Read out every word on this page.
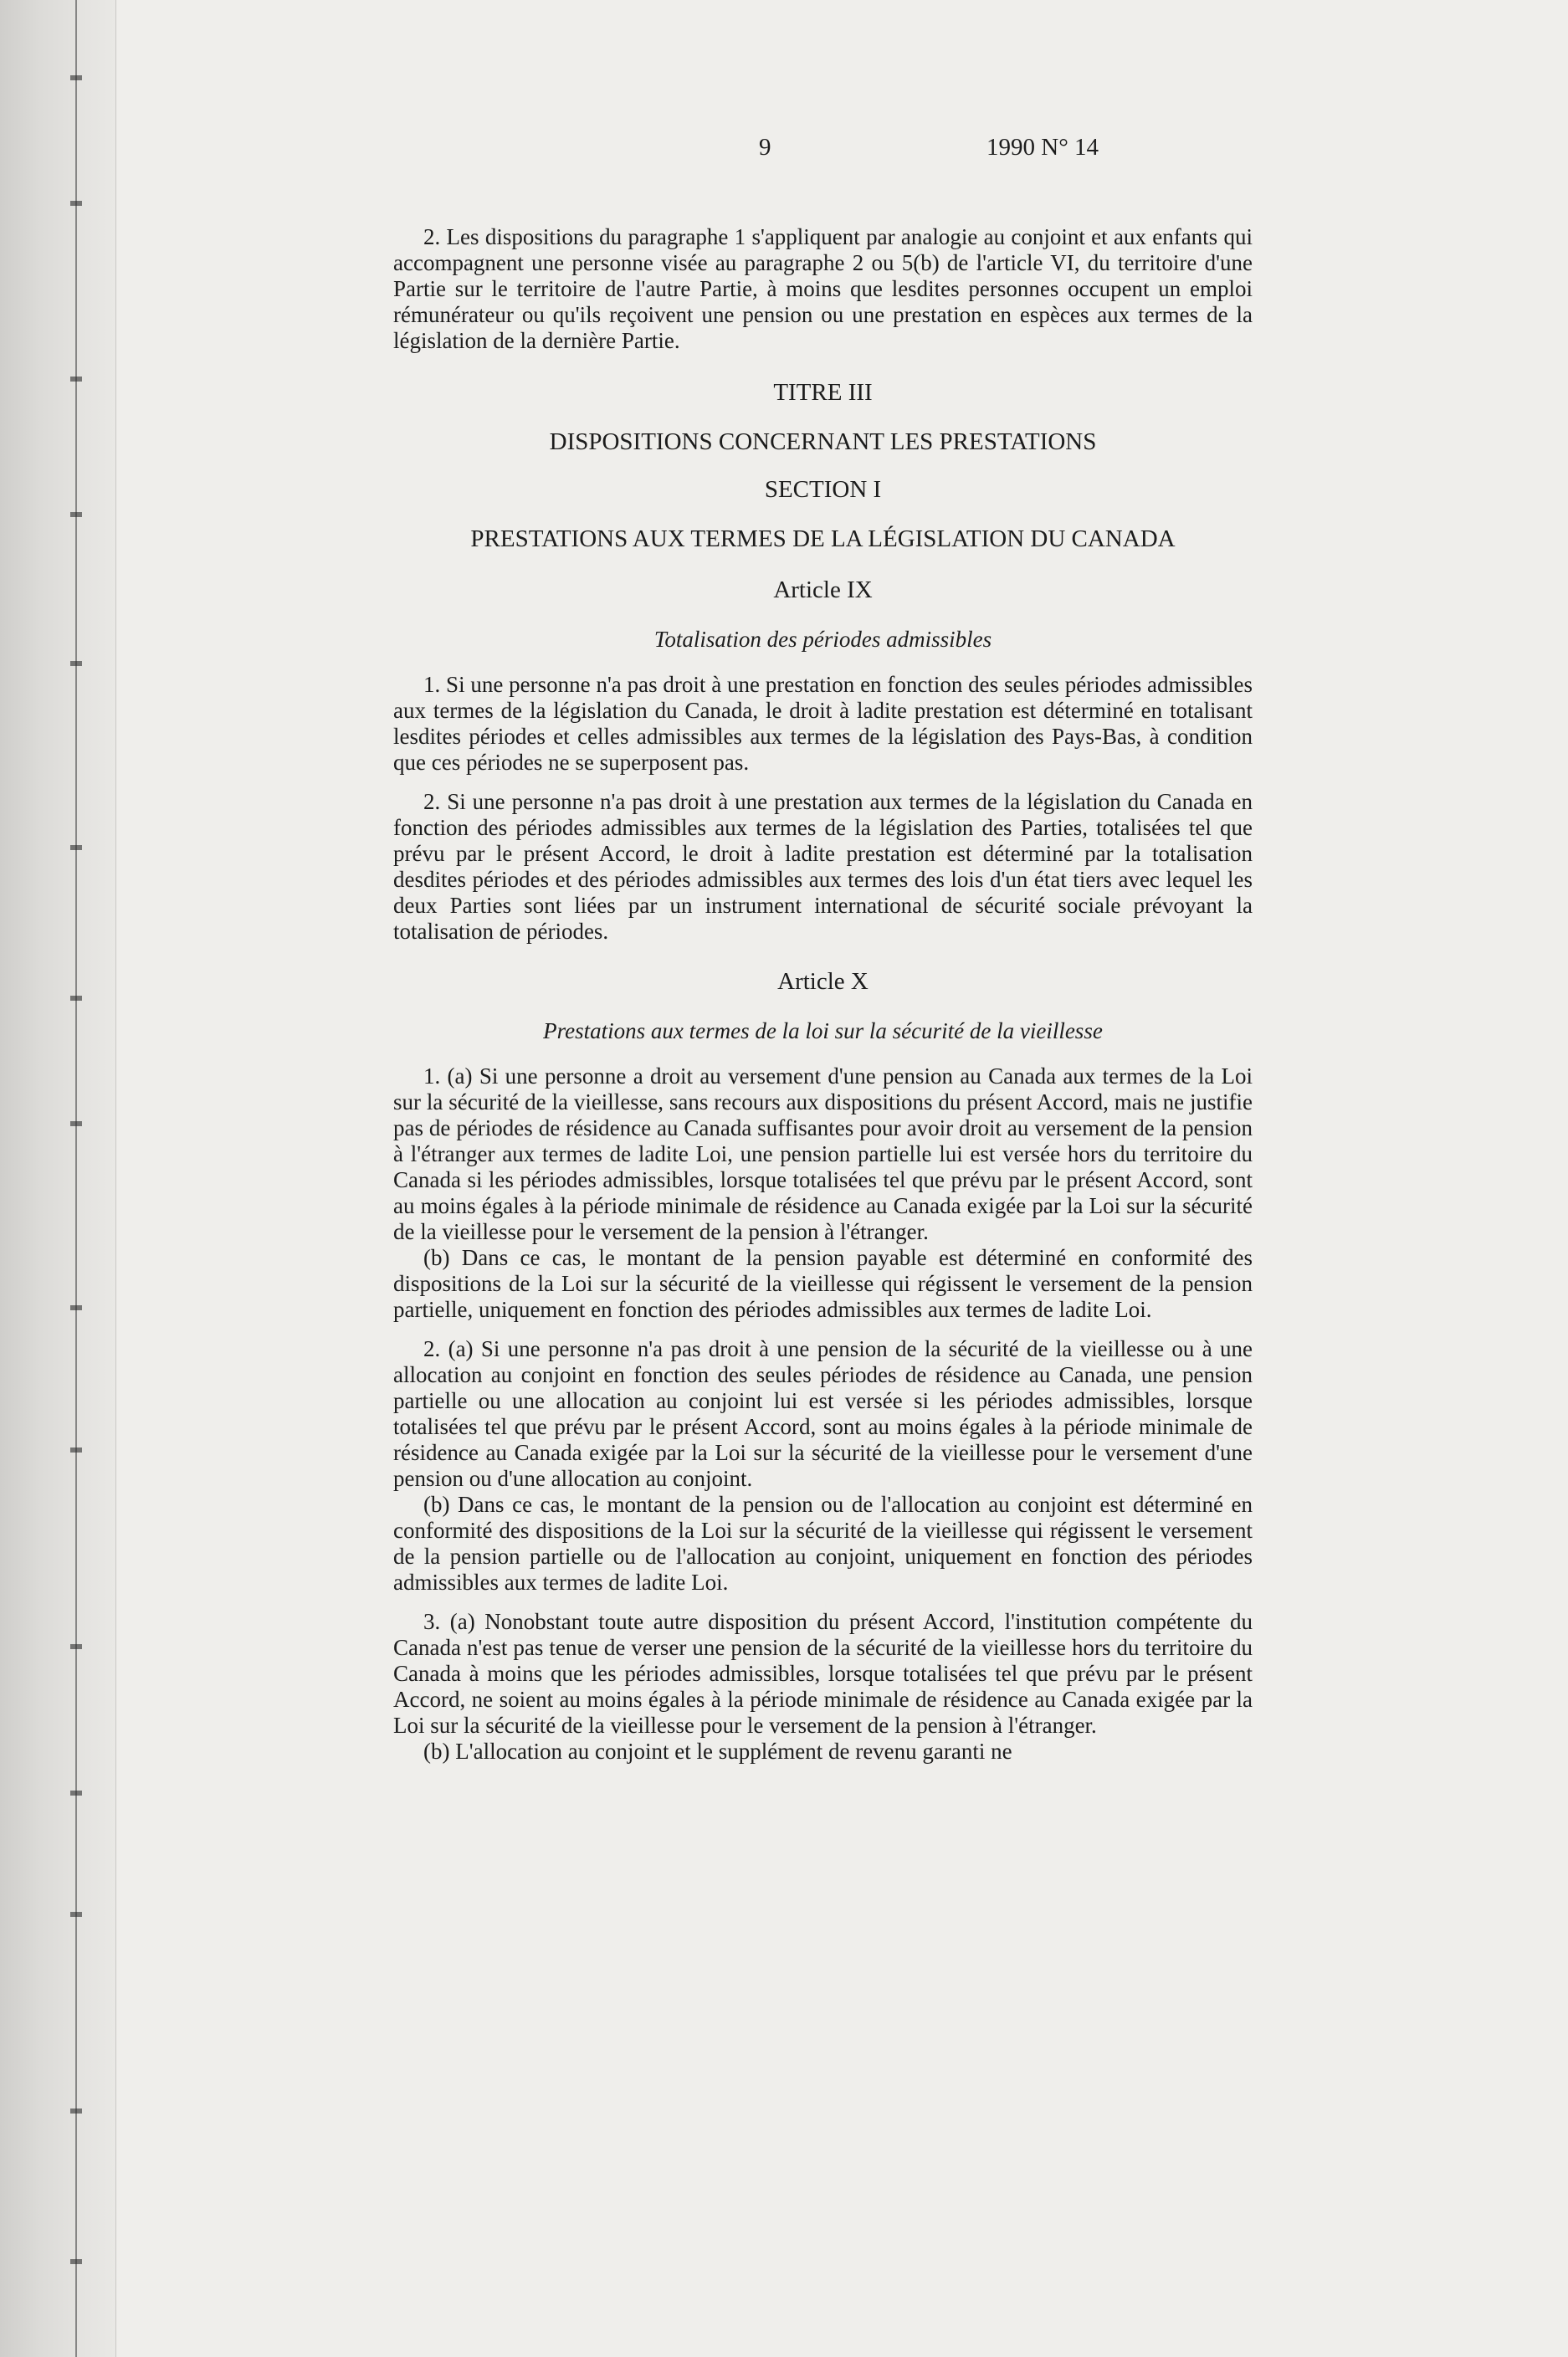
9	1990 N° 14

2. Les dispositions du paragraphe 1 s'appliquent par analogie au conjoint et aux enfants qui accompagnent une personne visée au paragraphe 2 ou 5(b) de l'article VI, du territoire d'une Partie sur le territoire de l'autre Partie, à moins que lesdites personnes occupent un emploi rémunérateur ou qu'ils reçoivent une pension ou une prestation en espèces aux termes de la législation de la dernière Partie.

TITRE III
DISPOSITIONS CONCERNANT LES PRESTATIONS
SECTION I
PRESTATIONS AUX TERMES DE LA LÉGISLATION DU CANADA
Article IX
Totalisation des périodes admissibles

1. Si une personne n'a pas droit à une prestation en fonction des seules périodes admissibles aux termes de la législation du Canada, le droit à ladite prestation est déterminé en totalisant lesdites périodes et celles admissibles aux termes de la législation des Pays-Bas, à condition que ces périodes ne se superposent pas.

2. Si une personne n'a pas droit à une prestation aux termes de la législation du Canada en fonction des périodes admissibles aux termes de la législation des Parties, totalisées tel que prévu par le présent Accord, le droit à ladite prestation est déterminé par la totalisation desdites périodes et des périodes admissibles aux termes des lois d'un état tiers avec lequel les deux Parties sont liées par un instrument international de sécurité sociale prévoyant la totalisation de périodes.

Article X
Prestations aux termes de la loi sur la sécurité de la vieillesse

1. (a) Si une personne a droit au versement d'une pension au Canada aux termes de la Loi sur la sécurité de la vieillesse, sans recours aux dispositions du présent Accord, mais ne justifie pas de périodes de résidence au Canada suffisantes pour avoir droit au versement de la pension à l'étranger aux termes de ladite Loi, une pension partielle lui est versée hors du territoire du Canada si les périodes admissibles, lorsque totalisées tel que prévu par le présent Accord, sont au moins égales à la période minimale de résidence au Canada exigée par la Loi sur la sécurité de la vieillesse pour le versement de la pension à l'étranger.

(b) Dans ce cas, le montant de la pension payable est déterminé en conformité des dispositions de la Loi sur la sécurité de la vieillesse qui régissent le versement de la pension partielle, uniquement en fonction des périodes admissibles aux termes de ladite Loi.

2. (a) Si une personne n'a pas droit à une pension de la sécurité de la vieillesse ou à une allocation au conjoint en fonction des seules périodes de résidence au Canada, une pension partielle ou une allocation au conjoint lui est versée si les périodes admissibles, lorsque totalisées tel que prévu par le présent Accord, sont au moins égales à la période minimale de résidence au Canada exigée par la Loi sur la sécurité de la vieillesse pour le versement d'une pension ou d'une allocation au conjoint.

(b) Dans ce cas, le montant de la pension ou de l'allocation au conjoint est déterminé en conformité des dispositions de la Loi sur la sécurité de la vieillesse qui régissent le versement de la pension partielle ou de l'allocation au conjoint, uniquement en fonction des périodes admissibles aux termes de ladite Loi.

3. (a) Nonobstant toute autre disposition du présent Accord, l'institution compétente du Canada n'est pas tenue de verser une pension de la sécurité de la vieillesse hors du territoire du Canada à moins que les périodes admissibles, lorsque totalisées tel que prévu par le présent Accord, ne soient au moins égales à la période minimale de résidence au Canada exigée par la Loi sur la sécurité de la vieillesse pour le versement de la pension à l'étranger.

(b) L'allocation au conjoint et le supplément de revenu garanti ne
